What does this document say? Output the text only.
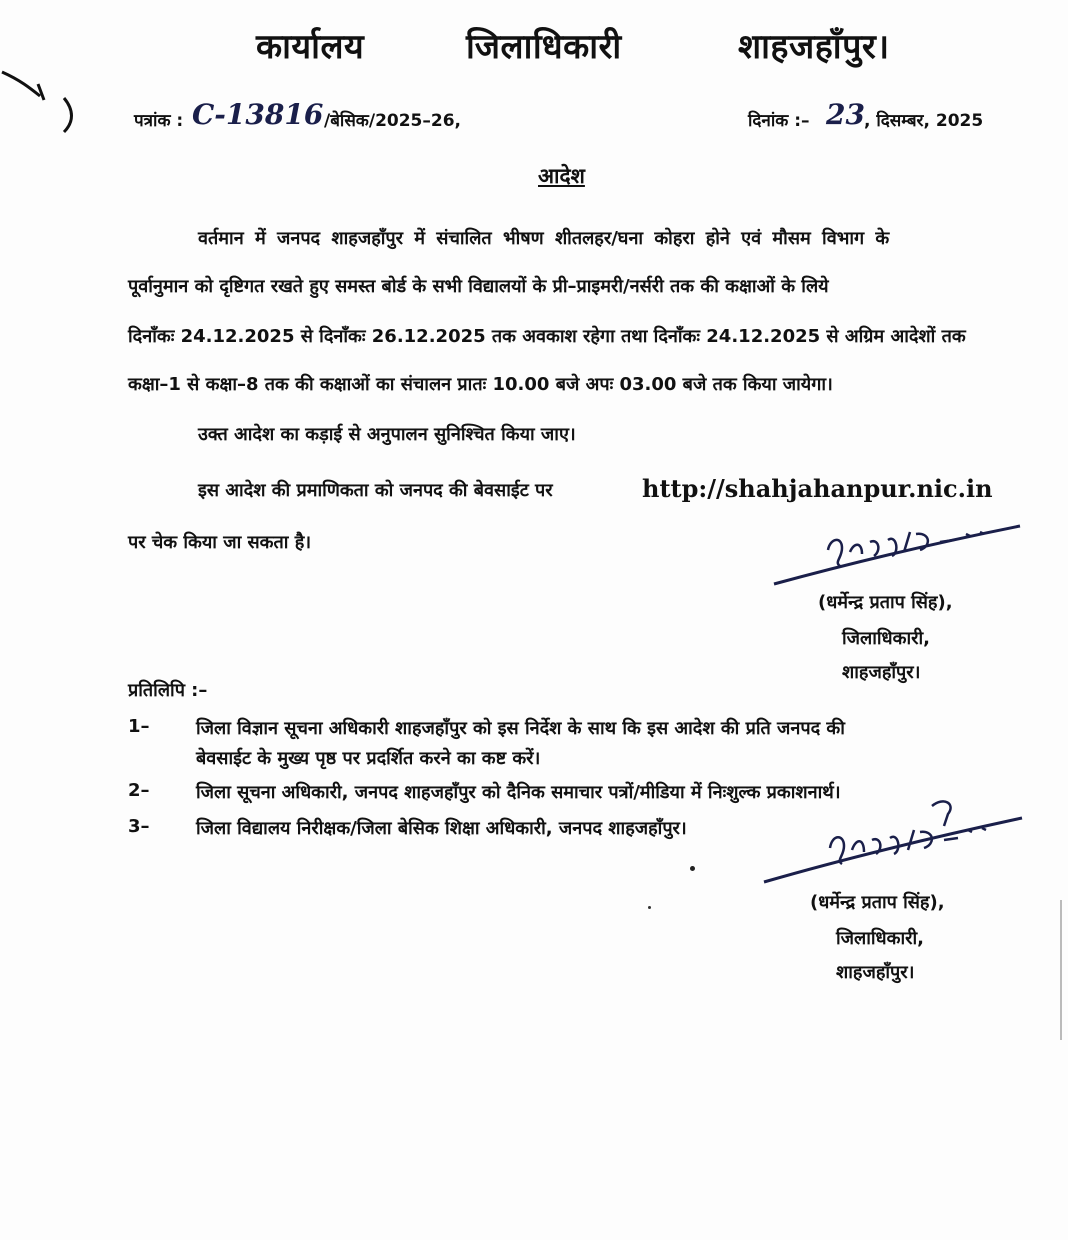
कार्यालय	जिलाधिकारी	शाहजहाँपुर।
पत्रांक : C-13816 /बेसिक/2025–26,	दिनांक :– 23 , दिसम्बर, 2025
आदेश
वर्तमान में जनपद शाहजहाँपुर में संचालित भीषण शीतलहर/घना कोहरा होने एवं मौसम विभाग के
पूर्वानुमान को दृष्टिगत रखते हुए समस्त बोर्ड के सभी विद्यालयों के प्री–प्राइमरी/नर्सरी तक की कक्षाओं के लिये
दिनाँकः 24.12.2025 से दिनाँकः 26.12.2025 तक अवकाश रहेगा तथा दिनाँकः 24.12.2025 से अग्रिम आदेशों तक
कक्षा–1 से कक्षा–8 तक की कक्षाओं का संचालन प्रातः 10.00 बजे अपः 03.00 बजे तक किया जायेगा।
उक्त आदेश का कड़ाई से अनुपालन सुनिश्चित किया जाए।
इस आदेश की प्रमाणिकता को जनपद की बेवसाईट पर	http://shahjahanpur.nic.in
पर चेक किया जा सकता है।
(धर्मेन्द्र प्रताप सिंह),
जिलाधिकारी,
शाहजहाँपुर।
प्रतिलिपि :–
1–	जिला विज्ञान सूचना अधिकारी शाहजहाँपुर को इस निर्देश के साथ कि इस आदेश की प्रति जनपद की
बेवसाईट के मुख्य पृष्ठ पर प्रदर्शित करने का कष्ट करें।
2–	जिला सूचना अधिकारी, जनपद शाहजहाँपुर को दैनिक समाचार पत्रों/मीडिया में निःशुल्क प्रकाशनार्थ।
3–	जिला विद्यालय निरीक्षक/जिला बेसिक शिक्षा अधिकारी, जनपद शाहजहाँपुर।
(धर्मेन्द्र प्रताप सिंह),
जिलाधिकारी,
शाहजहाँपुर।
